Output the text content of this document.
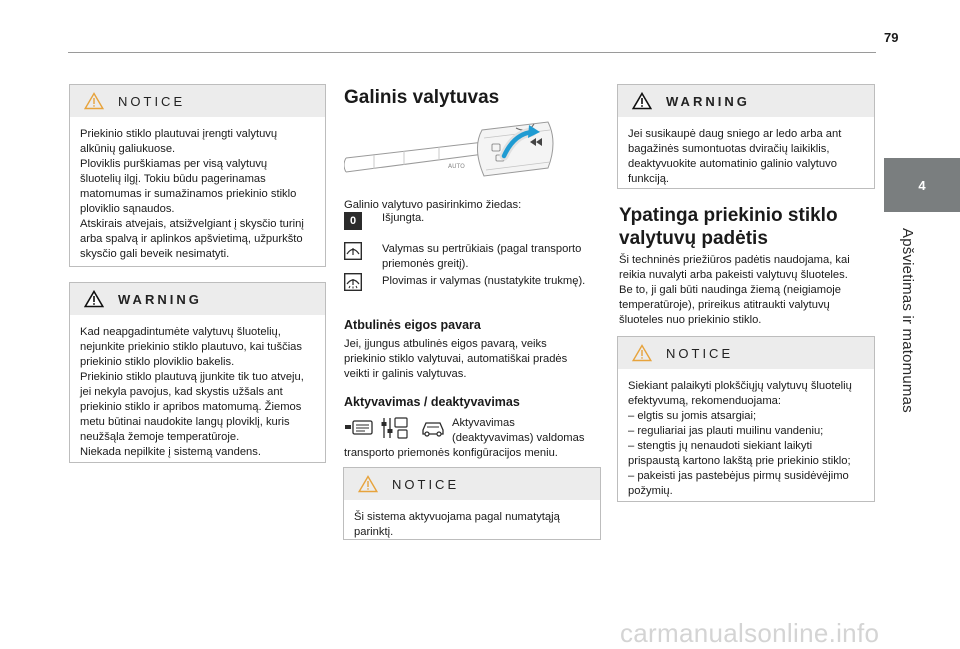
79
4
Apšvietimas ir matomumas
carmanualsonline.info
NOTICE
Priekinio stiklo plautuvai įrengti valytuvų
alkūnių galiukuose.
Ploviklis purškiamas per visą valytuvų
šluotelių ilgį. Tokiu būdu pagerinamas
matomumas ir sumažinamos priekinio stiklo
ploviklio sąnaudos.
Atskirais atvejais, atsižvelgiant į skysčio turinį
arba spalvą ir aplinkos apšvietimą, užpurkšto
skysčio gali beveik nesimatyti.
WARNING
Kad neapgadintumėte valytuvų šluotelių,
nejunkite priekinio stiklo plautuvo, kai tuščias
priekinio stiklo ploviklio bakelis.
Priekinio stiklo plautuvą įjunkite tik tuo atveju,
jei nekyla pavojus, kad skystis užšals ant
priekinio stiklo ir apribos matomumą. Žiemos
metu būtinai naudokite langų ploviklį, kuris
neužšąla žemoje temperatūroje.
Niekada nepilkite į sistemą vandens.
Galinis valytuvas
AUTO
Galinio valytuvo pasirinkimo žiedas:
0	Išjungta.
Valymas su pertrūkiais (pagal transporto
priemonės greitį).
Plovimas ir valymas (nustatykite trukmę).
Atbulinės eigos pavara
Jei, įjungus atbulinės eigos pavarą, veiks
priekinio stiklo valytuvai, automatiškai pradės
veikti ir galinis valytuvas.
Aktyvavimas / deaktyvavimas
Aktyvavimas
(deaktyvavimas) valdomas
transporto priemonės konfigūracijos meniu.
NOTICE
Ši sistema aktyvuojama pagal numatytąją
parinktį.
WARNING
Jei susikaupė daug sniego ar ledo arba ant
bagažinės sumontuotas dviračių laikiklis,
deaktyvuokite automatinio galinio valytuvo
funkciją.
Ypatinga priekinio stiklo
valytuvų padėtis
Ši techninės priežiūros padėtis naudojama, kai
reikia nuvalyti arba pakeisti valytuvų šluoteles.
Be to, ji gali būti naudinga žiemą (neigiamoje
temperatūroje), prireikus atitraukti valytuvų
šluoteles nuo priekinio stiklo.
NOTICE
Siekiant palaikyti plokščiųjų valytuvų šluotelių
efektyvumą, rekomenduojama:
– elgtis su jomis atsargiai;
– reguliariai jas plauti muilinu vandeniu;
– stengtis jų nenaudoti siekiant laikyti
prispaustą kartono lakštą prie priekinio stiklo;
– pakeisti jas pastebėjus pirmų susidėvėjimo
požymių.
